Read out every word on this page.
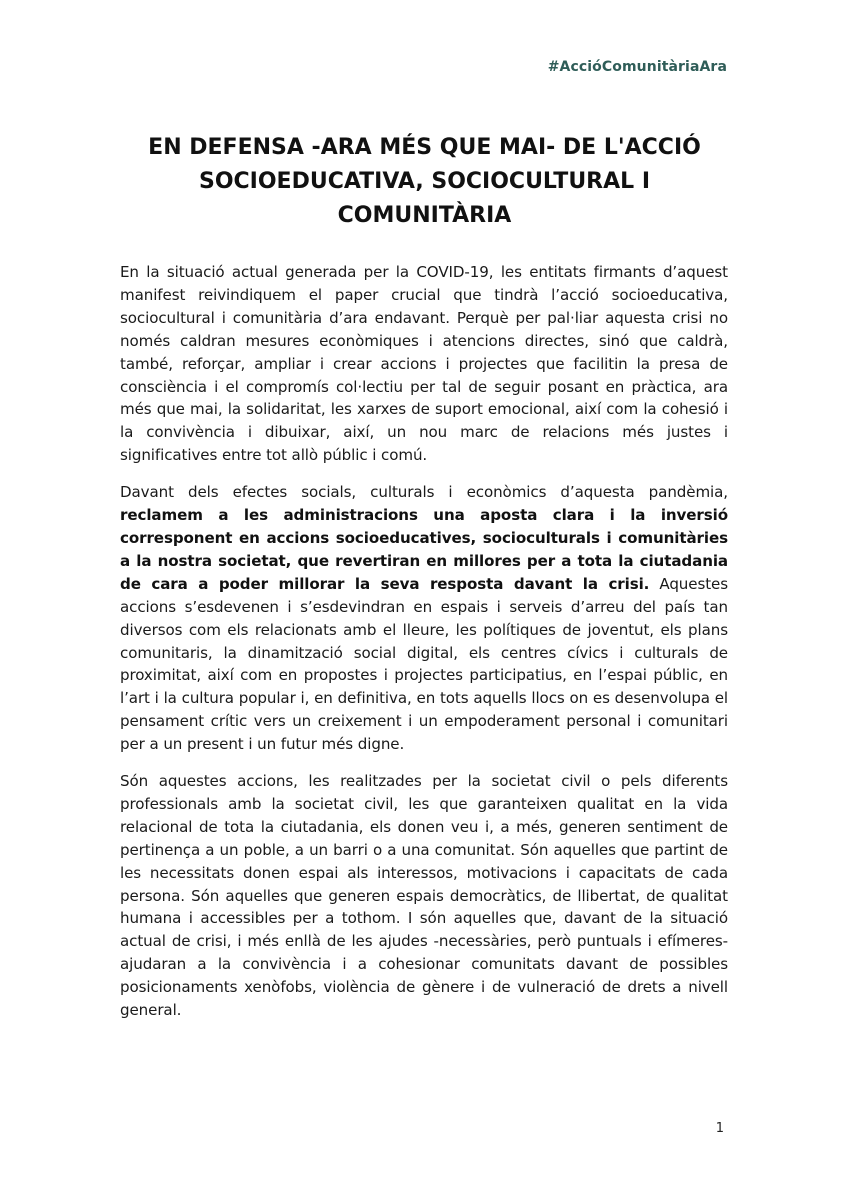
#AccióComunitàriaAra
EN DEFENSA -ARA MÉS QUE MAI- DE L'ACCIÓ SOCIOEDUCATIVA, SOCIOCULTURAL I COMUNITÀRIA

En la situació actual generada per la COVID-19, les entitats firmants d’aquest manifest reivindiquem el paper crucial que tindrà l’acció socioeducativa, sociocultural i comunitària d’ara endavant. Perquè per pal·liar aquesta crisi no només caldran mesures econòmiques i atencions directes, sinó que caldrà, també, reforçar, ampliar i crear accions i projectes que facilitin la presa de consciència i el compromís col·lectiu per tal de seguir posant en pràctica, ara més que mai, la solidaritat, les xarxes de suport emocional, així com la cohesió i la convivència i dibuixar, així, un nou marc de relacions més justes i significatives entre tot allò públic i comú.

Davant dels efectes socials, culturals i econòmics d’aquesta pandèmia, reclamem a les administracions una aposta clara i la inversió corresponent en accions socioeducatives, socioculturals i comunitàries a la nostra societat, que revertiran en millores per a tota la ciutadania de cara a poder millorar la seva resposta davant la crisi. Aquestes accions s’esdevenen i s’esdevindran en espais i serveis d’arreu del país tan diversos com els relacionats amb el lleure, les polítiques de joventut, els plans comunitaris, la dinamització social digital, els centres cívics i culturals de proximitat, així com en propostes i projectes participatius, en l’espai públic, en l’art i la cultura popular i, en definitiva, en tots aquells llocs on es desenvolupa el pensament crític vers un creixement i un empoderament personal i comunitari per a un present i un futur més digne.

Són aquestes accions, les realitzades per la societat civil o pels diferents professionals amb la societat civil, les que garanteixen qualitat en la vida relacional de tota la ciutadania, els donen veu i, a més, generen sentiment de pertinença a un poble, a un barri o a una comunitat. Són aquelles que partint de les necessitats donen espai als interessos, motivacions i capacitats de cada persona. Són aquelles que generen espais democràtics, de llibertat, de qualitat humana i accessibles per a tothom. I són aquelles que, davant de la situació actual de crisi, i més enllà de les ajudes -necessàries, però puntuals i efímeres- ajudaran a la convivència i a cohesionar comunitats davant de possibles posicionaments xenòfobs, violència de gènere i de vulneració de drets a nivell general.

1
